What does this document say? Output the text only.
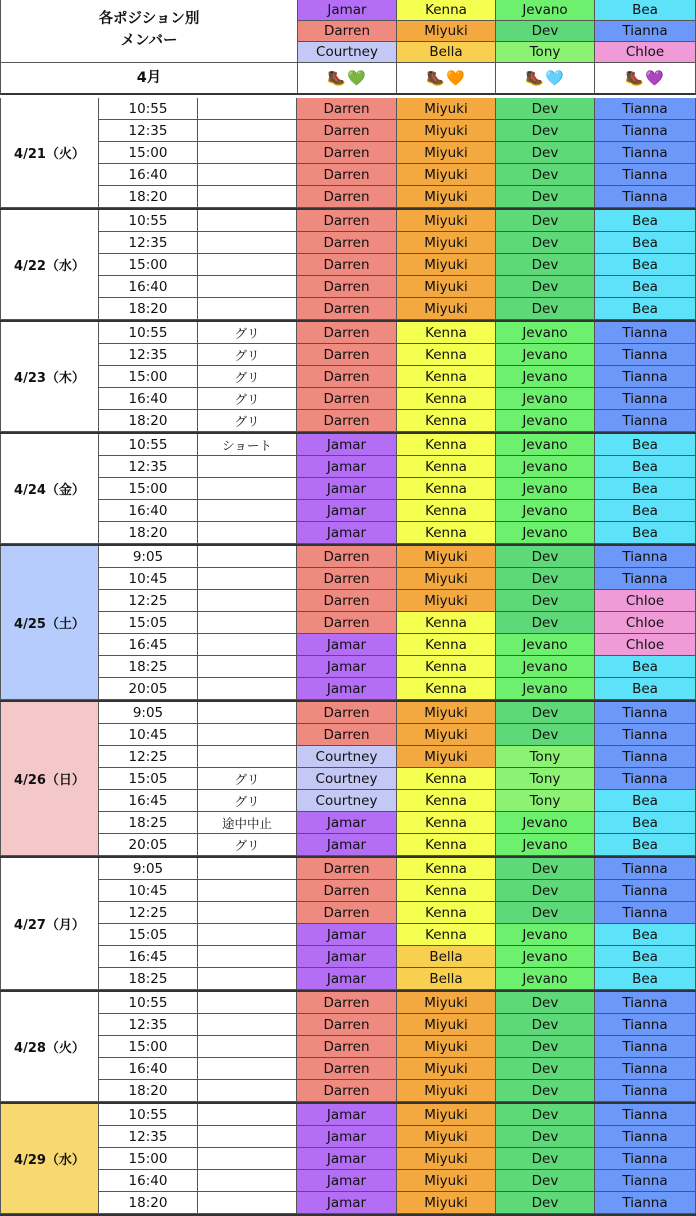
各ポジション別
メンバー
4月
Jamar	Kenna	Jevano	Bea
Darren	Miyuki	Dev	Tianna
Courtney	Bella	Tony	Chloe
🥾💚	🥾🧡	🥾🩵	🥾💜
4/21（火）
10:55	Darren	Miyuki	Dev	Tianna
12:35	Darren	Miyuki	Dev	Tianna
15:00	Darren	Miyuki	Dev	Tianna
16:40	Darren	Miyuki	Dev	Tianna
18:20	Darren	Miyuki	Dev	Tianna
4/22（水）
10:55	Darren	Miyuki	Dev	Bea
12:35	Darren	Miyuki	Dev	Bea
15:00	Darren	Miyuki	Dev	Bea
16:40	Darren	Miyuki	Dev	Bea
18:20	Darren	Miyuki	Dev	Bea
4/23（木）
10:55	グリ	Darren	Kenna	Jevano	Tianna
12:35	グリ	Darren	Kenna	Jevano	Tianna
15:00	グリ	Darren	Kenna	Jevano	Tianna
16:40	グリ	Darren	Kenna	Jevano	Tianna
18:20	グリ	Darren	Kenna	Jevano	Tianna
4/24（金）
10:55	ショート	Jamar	Kenna	Jevano	Bea
12:35	Jamar	Kenna	Jevano	Bea
15:00	Jamar	Kenna	Jevano	Bea
16:40	Jamar	Kenna	Jevano	Bea
18:20	Jamar	Kenna	Jevano	Bea
4/25（土）
9:05	Darren	Miyuki	Dev	Tianna
10:45	Darren	Miyuki	Dev	Tianna
12:25	Darren	Miyuki	Dev	Chloe
15:05	Darren	Kenna	Dev	Chloe
16:45	Jamar	Kenna	Jevano	Chloe
18:25	Jamar	Kenna	Jevano	Bea
20:05	Jamar	Kenna	Jevano	Bea
4/26（日）
9:05	Darren	Miyuki	Dev	Tianna
10:45	Darren	Miyuki	Dev	Tianna
12:25	Courtney	Miyuki	Tony	Tianna
15:05	グリ	Courtney	Kenna	Tony	Tianna
16:45	グリ	Courtney	Kenna	Tony	Bea
18:25	途中中止	Jamar	Kenna	Jevano	Bea
20:05	グリ	Jamar	Kenna	Jevano	Bea
4/27（月）
9:05	Darren	Kenna	Dev	Tianna
10:45	Darren	Kenna	Dev	Tianna
12:25	Darren	Kenna	Dev	Tianna
15:05	Jamar	Kenna	Jevano	Bea
16:45	Jamar	Bella	Jevano	Bea
18:25	Jamar	Bella	Jevano	Bea
4/28（火）
10:55	Darren	Miyuki	Dev	Tianna
12:35	Darren	Miyuki	Dev	Tianna
15:00	Darren	Miyuki	Dev	Tianna
16:40	Darren	Miyuki	Dev	Tianna
18:20	Darren	Miyuki	Dev	Tianna
4/29（水）
10:55	Jamar	Miyuki	Dev	Tianna
12:35	Jamar	Miyuki	Dev	Tianna
15:00	Jamar	Miyuki	Dev	Tianna
16:40	Jamar	Miyuki	Dev	Tianna
18:20	Jamar	Miyuki	Dev	Tianna
